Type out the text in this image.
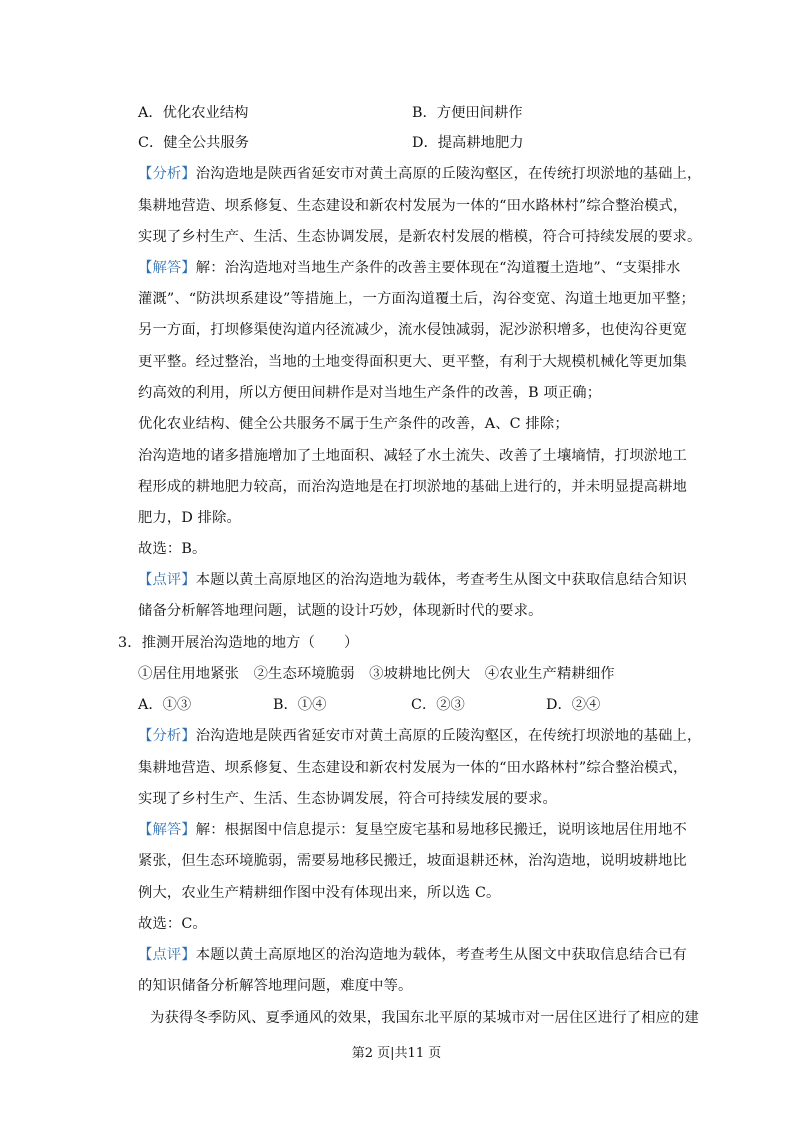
A．优化农业结构	B．方便田间耕作
C．健全公共服务	D．提高耕地肥力
【分析】治沟造地是陕西省延安市对黄土高原的丘陵沟壑区，在传统打坝淤地的基础上，
集耕地营造、坝系修复、生态建设和新农村发展为一体的“田水路林村”综合整治模式，
实现了乡村生产、生活、生态协调发展，是新农村发展的楷模，符合可持续发展的要求。
【解答】解：治沟造地对当地生产条件的改善主要体现在“沟道覆土造地”、“支渠排水
灌溉”、“防洪坝系建设”等措施上，一方面沟道覆土后，沟谷变宽、沟道土地更加平整；
另一方面，打坝修渠使沟道内径流减少，流水侵蚀减弱，泥沙淤积增多，也使沟谷更宽
更平整。经过整治，当地的土地变得面积更大、更平整，有利于大规模机械化等更加集
约高效的利用，所以方便田间耕作是对当地生产条件的改善，B 项正确；
优化农业结构、健全公共服务不属于生产条件的改善，A、C 排除；
治沟造地的诸多措施增加了土地面积、减轻了水土流失、改善了土壤墒情，打坝淤地工
程形成的耕地肥力较高，而治沟造地是在打坝淤地的基础上进行的，并未明显提高耕地
肥力，D 排除。
故选：B。
【点评】本题以黄土高原地区的治沟造地为载体，考查考生从图文中获取信息结合知识
储备分析解答地理问题，试题的设计巧妙，体现新时代的要求。
3．推测开展治沟造地的地方（　　）
①居住用地紧张　②生态环境脆弱　③坡耕地比例大　④农业生产精耕细作
A．①③	B．①④	C．②③	D．②④
【分析】治沟造地是陕西省延安市对黄土高原的丘陵沟壑区，在传统打坝淤地的基础上，
集耕地营造、坝系修复、生态建设和新农村发展为一体的“田水路林村”综合整治模式，
实现了乡村生产、生活、生态协调发展，符合可持续发展的要求。
【解答】解：根据图中信息提示：复垦空废宅基和易地移民搬迁，说明该地居住用地不
紧张，但生态环境脆弱，需要易地移民搬迁，坡面退耕还林，治沟造地，说明坡耕地比
例大，农业生产精耕细作图中没有体现出来，所以选 C。
故选：C。
【点评】本题以黄土高原地区的治沟造地为载体，考查考生从图文中获取信息结合已有
的知识储备分析解答地理问题，难度中等。
为获得冬季防风、夏季通风的效果，我国东北平原的某城市对一居住区进行了相应的建
第2 页|共11 页
